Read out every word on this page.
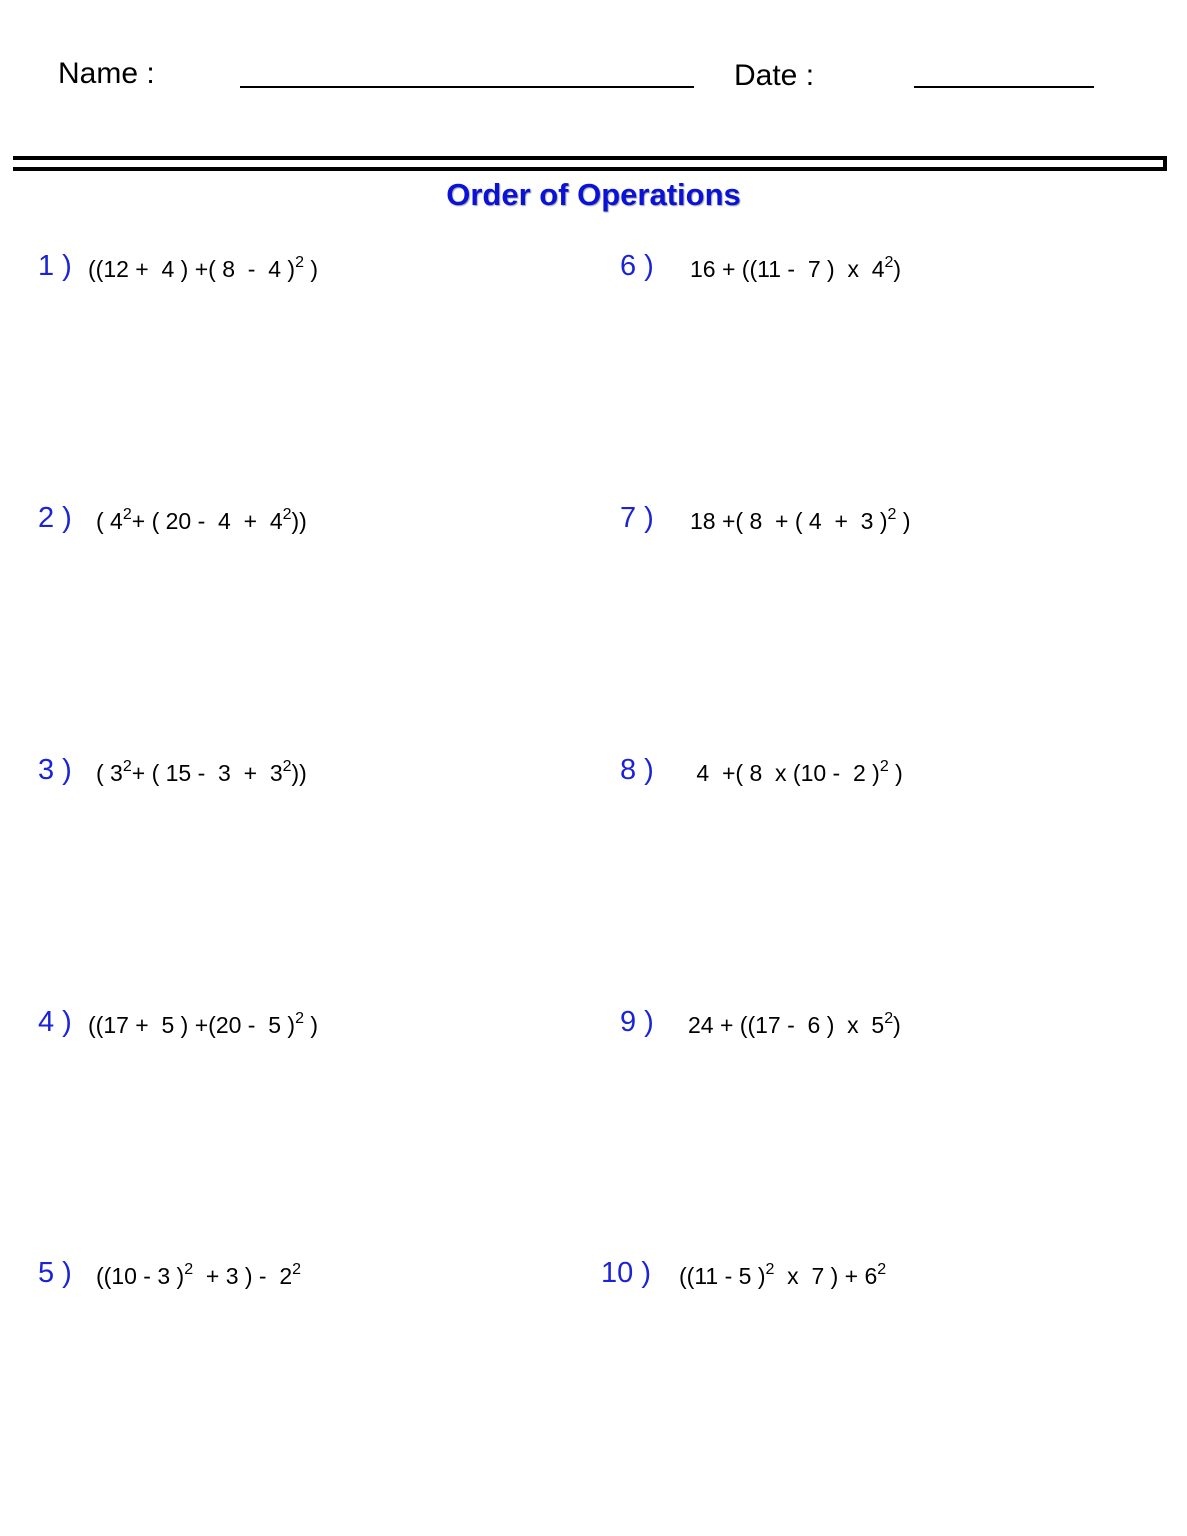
Name :	Date :
Order of Operations
1 ) ((12 +  4 ) +( 8  -  4 )$^2$ )
2 ) ( $4^2+$ ( $20 - 4 + 4^2$))
3 ) ( $3^2+$ ( $15 - 3 + 3^2$))
4 ) ((17 +  5 ) +(20 -  5 )$^2$ )
5 ) ((10 - 3 )$^2$  + 3 ) -  $2^2$
6 ) 16 + ((11 -  7 )  x  $4^2$)
7 ) 18 +( 8  + ( 4  +  3 )$^2$ )
8 ) 4  +( 8  x (10 -  2 )$^2$ )
9 ) 24 + ((17 -  6 )  x  $5^2$)
10 ) ((11 - 5 )$^2$  x  7 ) + $6^2$
